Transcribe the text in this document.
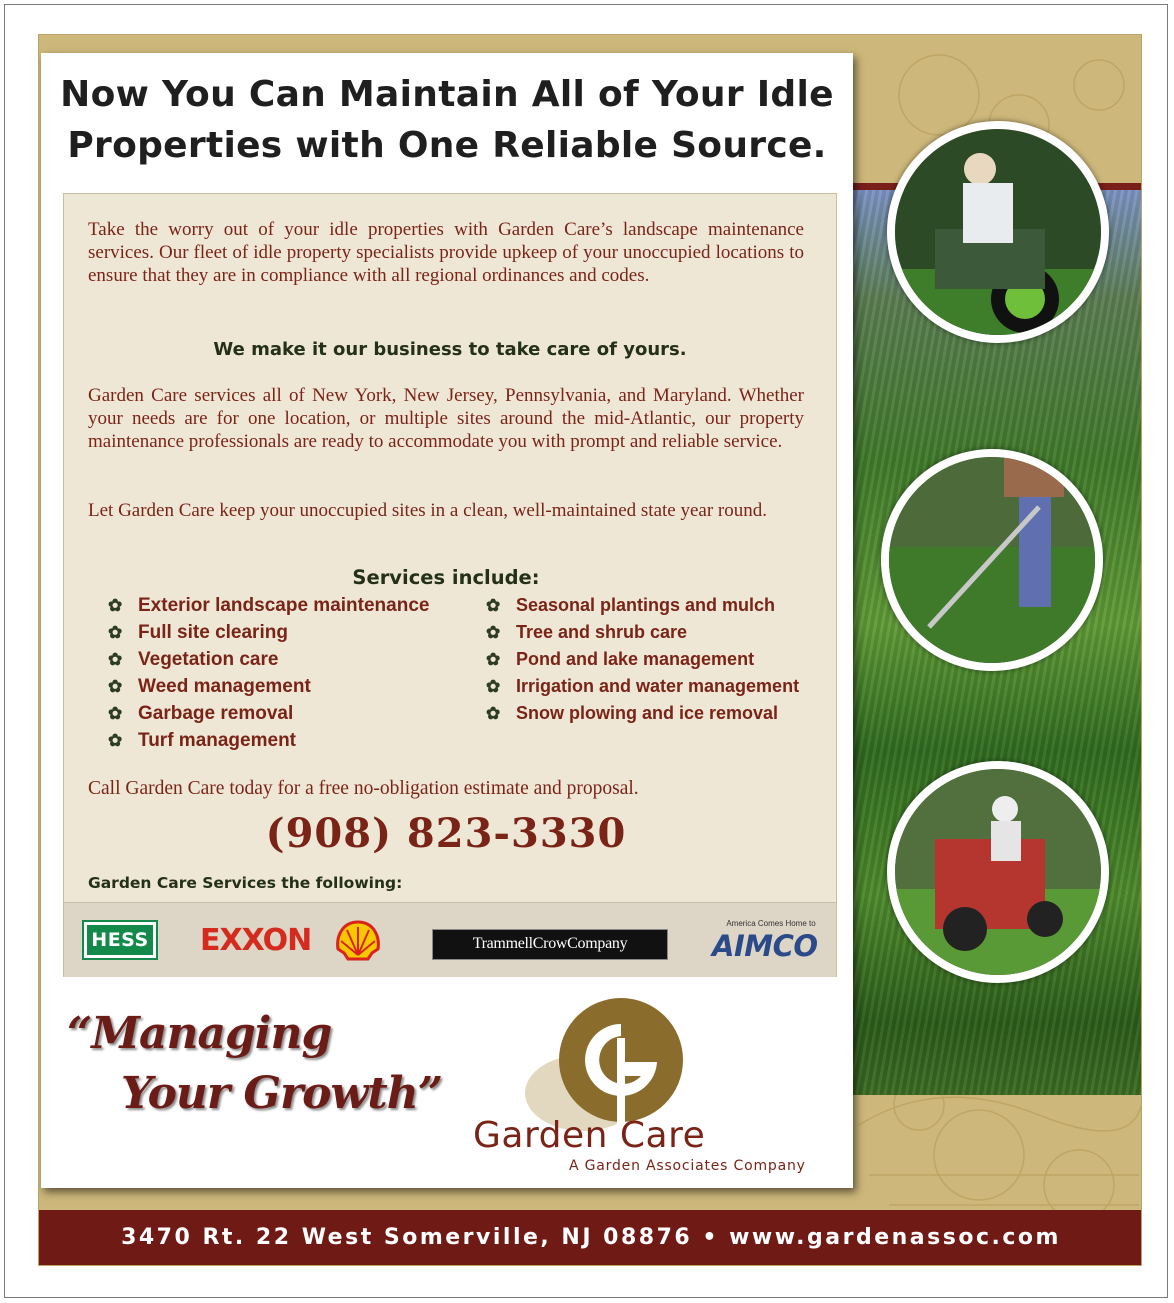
Now You Can Maintain All of Your Idle
Properties with One Reliable Source.

Take the worry out of your idle properties with Garden Care’s landscape maintenance services. Our fleet of idle property specialists provide upkeep of your unoccupied locations to ensure that they are in compliance with all regional ordinances and codes.

We make it our business to take care of yours.

Garden Care services all of New York, New Jersey, Pennsylvania, and Maryland. Whether your needs are for one location, or multiple sites around the mid-Atlantic, our property maintenance professionals are ready to accommodate you with prompt and reliable service.

Let Garden Care keep your unoccupied sites in a clean, well-maintained state year round.

Services include:
✿ Exterior landscape maintenance
✿ Full site clearing
✿ Vegetation care
✿ Weed management
✿ Garbage removal
✿ Turf management
✿ Seasonal plantings and mulch
✿ Tree and shrub care
✿ Pond and lake management
✿ Irrigation and water management
✿ Snow plowing and ice removal
Call Garden Care today for a free no-obligation estimate and proposal.
(908) 823-3330
Garden Care Services the following:
HESS EXXON	TrammellCrowCompany
America Comes Home to
AIMCO
“Managing
Your Growth”
Garden Care
A Garden Associates Company
3470 Rt. 22 West Somerville, NJ 08876 • www.gardenassoc.com
